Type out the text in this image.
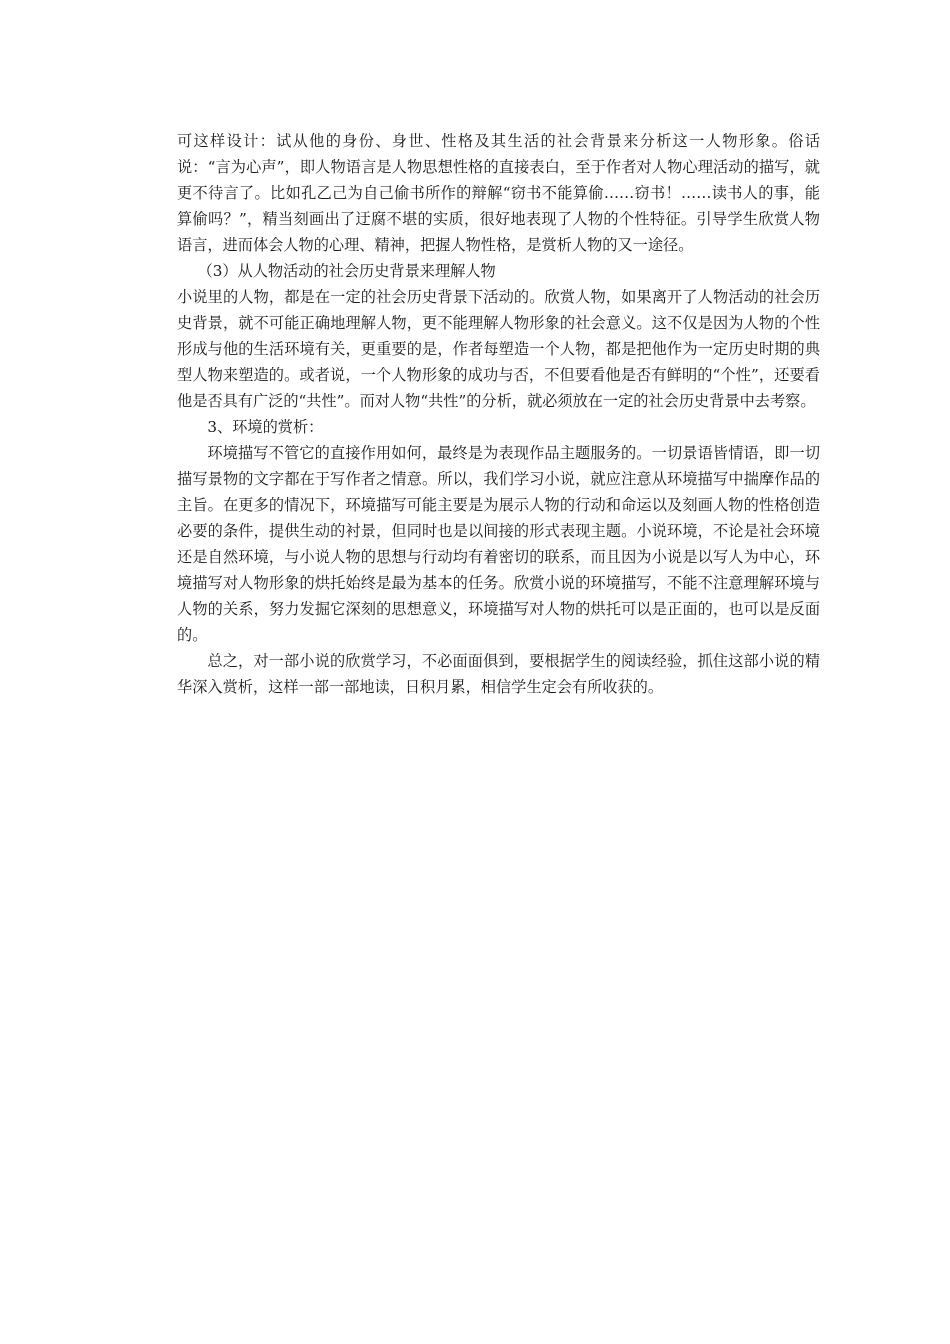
可这样设计：试从他的身份、身世、性格及其生活的社会背景来分析这一人物形象。俗话说：“言为心声”，即人物语言是人物思想性格的直接表白，至于作者对人物心理活动的描写，就更不待言了。比如孔乙己为自己偷书所作的辩解“窃书不能算偷……窃书！……读书人的事，能算偷吗？”，精当刻画出了迂腐不堪的实质，很好地表现了人物的个性特征。引导学生欣赏人物语言，进而体会人物的心理、精神，把握人物性格，是赏析人物的又一途径。

（3）从人物活动的社会历史背景来理解人物

小说里的人物，都是在一定的社会历史背景下活动的。欣赏人物，如果离开了人物活动的社会历史背景，就不可能正确地理解人物，更不能理解人物形象的社会意义。这不仅是因为人物的个性形成与他的生活环境有关，更重要的是，作者每塑造一个人物，都是把他作为一定历史时期的典型人物来塑造的。或者说，一个人物形象的成功与否，不但要看他是否有鲜明的“个性”，还要看他是否具有广泛的“共性”。而对人物“共性”的分析，就必须放在一定的社会历史背景中去考察。

3、环境的赏析：

环境描写不管它的直接作用如何，最终是为表现作品主题服务的。一切景语皆情语，即一切描写景物的文字都在于写作者之情意。所以，我们学习小说，就应注意从环境描写中揣摩作品的主旨。在更多的情况下，环境描写可能主要是为展示人物的行动和命运以及刻画人物的性格创造必要的条件，提供生动的衬景，但同时也是以间接的形式表现主题。小说环境，不论是社会环境还是自然环境，与小说人物的思想与行动均有着密切的联系，而且因为小说是以写人为中心，环境描写对人物形象的烘托始终是最为基本的任务。欣赏小说的环境描写，不能不注意理解环境与人物的关系，努力发掘它深刻的思想意义，环境描写对人物的烘托可以是正面的，也可以是反面的。

总之，对一部小说的欣赏学习，不必面面俱到，要根据学生的阅读经验，抓住这部小说的精华深入赏析，这样一部一部地读，日积月累，相信学生定会有所收获的。
